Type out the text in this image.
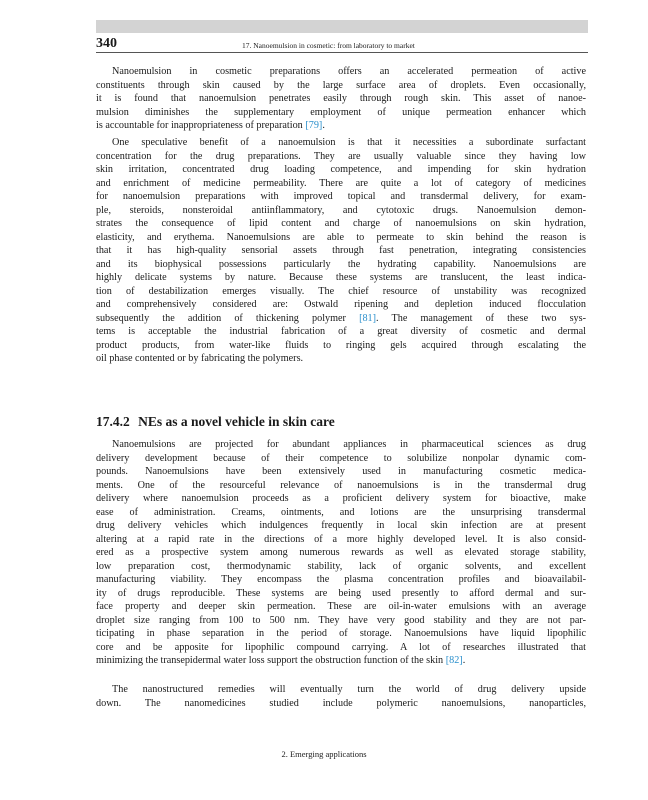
340	17. Nanoemulsion in cosmetic: from laboratory to market
Nanoemulsion in cosmetic preparations offers an accelerated permeation of active
constituents through skin caused by the large surface area of droplets. Even occasionally,
it is found that nanoemulsion penetrates easily through rough skin. This asset of nanoe-
mulsion diminishes the supplementary employment of unique permeation enhancer which
is accountable for inappropriateness of preparation [79].
One speculative benefit of a nanoemulsion is that it necessities a subordinate surfactant
concentration for the drug preparations. They are usually valuable since they having low
skin irritation, concentrated drug loading competence, and impending for skin hydration
and enrichment of medicine permeability. There are quite a lot of category of medicines
for nanoemulsion preparations with improved topical and transdermal delivery, for exam-
ple, steroids, nonsteroidal antiinflammatory, and cytotoxic drugs. Nanoemulsion demon-
strates the consequence of lipid content and charge of nanoemulsions on skin hydration,
elasticity, and erythema. Nanoemulsions are able to permeate to skin behind the reason is
that it has high-quality sensorial assets through fast penetration, integrating consistencies
and its biophysical possessions particularly the hydrating capability. Nanoemulsions are
highly delicate systems by nature. Because these systems are translucent, the least indica-
tion of destabilization emerges visually. The chief resource of unstability was recognized
and comprehensively considered are: Ostwald ripening and depletion induced flocculation
subsequently the addition of thickening polymer [81]. The management of these two sys-
tems is acceptable the industrial fabrication of a great diversity of cosmetic and dermal
product products, from water-like fluids to ringing gels acquired through escalating the
oil phase contented or by fabricating the polymers.
17.4.2 NEs as a novel vehicle in skin care
Nanoemulsions are projected for abundant appliances in pharmaceutical sciences as drug
delivery development because of their competence to solubilize nonpolar dynamic com-
pounds. Nanoemulsions have been extensively used in manufacturing cosmetic medica-
ments. One of the resourceful relevance of nanoemulsions is in the transdermal drug
delivery where nanoemulsion proceeds as a proficient delivery system for bioactive, make
ease of administration. Creams, ointments, and lotions are the unsurprising transdermal
drug delivery vehicles which indulgences frequently in local skin infection are at present
altering at a rapid rate in the directions of a more highly developed level. It is also consid-
ered as a prospective system among numerous rewards as well as elevated storage stability,
low preparation cost, thermodynamic stability, lack of organic solvents, and excellent
manufacturing viability. They encompass the plasma concentration profiles and bioavailabil-
ity of drugs reproducible. These systems are being used presently to afford dermal and sur-
face property and deeper skin permeation. These are oil-in-water emulsions with an average
droplet size ranging from 100 to 500 nm. They have very good stability and they are not par-
ticipating in phase separation in the period of storage. Nanoemulsions have liquid lipophilic
core and be apposite for lipophilic compound carrying. A lot of researches illustrated that
minimizing the transepidermal water loss support the obstruction function of the skin [82].
The nanostructured remedies will eventually turn the world of drug delivery upside
down. The nanomedicines studied include polymeric nanoemulsions, nanoparticles,
2. Emerging applications
